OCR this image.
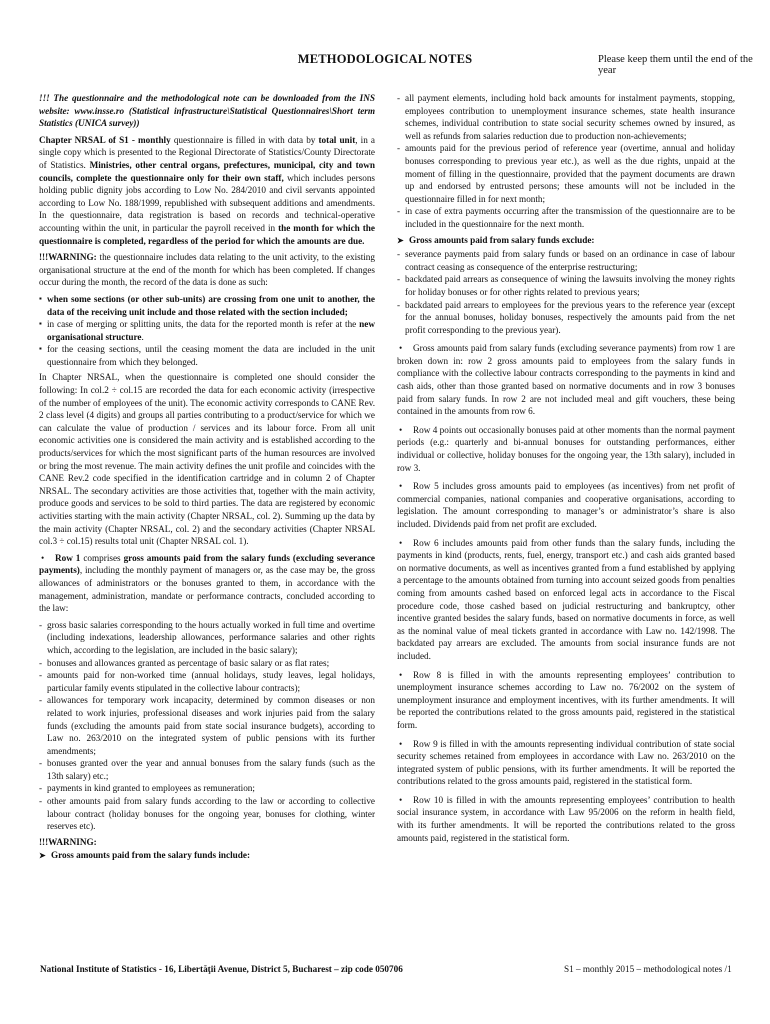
METHODOLOGICAL NOTES	Please keep them until the end of the year

!!! The questionnaire and the methodological note can be downloaded from the INS website: www.insse.ro (Statistical infrastructure\Statistical Questionnaires\Short term Statistics (UNICA survey))

Chapter NRSAL of S1 - monthly questionnaire is filled in with data by total unit, in a single copy which is presented to the Regional Directorate of Statistics/County Directorate of Statistics. Ministries, other central organs, prefectures, municipal, city and town councils, complete the questionnaire only for their own staff, which includes persons holding public dignity jobs according to Low No. 284/2010 and civil servants appointed according to Low No. 188/1999, republished with subsequent additions and amendments. In the questionnaire, data registration is based on records and technical-operative accounting within the unit, in particular the payroll received in the month for which the questionnaire is completed, regardless of the period for which the amounts are due.

!!!WARNING: the questionnaire includes data relating to the unit activity, to the existing organisational structure at the end of the month for which has been completed. If changes occur during the month, the record of the data is done as such:

▪ when some sections (or other sub-units) are crossing from one unit to another, the data of the receiving unit include and those related with the section included;
▪ in case of merging or splitting units, the data for the reported month is refer at the new organisational structure.
▪ for the ceasing sections, until the ceasing moment the data are included in the unit questionnaire from which they belonged.

In Chapter NRSAL, when the questionnaire is completed one should consider the following: In col.2 ÷ col.15 are recorded the data for each economic activity (irrespective of the number of employees of the unit). The economic activity corresponds to CANE Rev. 2 class level (4 digits) and groups all parties contributing to a product/service for which we can calculate the value of production / services and its labour force. From all unit economic activities one is considered the main activity and is established according to the products/services for which the most significant parts of the human resources are involved or bring the most revenue. The main activity defines the unit profile and coincides with the CANE Rev.2 code specified in the identification cartridge and in column 2 of Chapter NRSAL. The secondary activities are those activities that, together with the main activity, produce goods and services to be sold to third parties. The data are registered by economic activities starting with the main activity (Chapter NRSAL, col. 2). Summing up the data by the main activity (Chapter NRSAL, col. 2) and the secondary activities (Chapter NRSAL col.3 ÷ col.15) results total unit (Chapter NRSAL col. 1).

• Row 1 comprises gross amounts paid from the salary funds (excluding severance payments), including the monthly payment of managers or, as the case may be, the gross allowances of administrators or the bonuses granted to them, in accordance with the management, administration, mandate or performance contracts, concluded according to the law:

- gross basic salaries corresponding to the hours actually worked in full time and overtime (including indexations, leadership allowances, performance salaries and other rights which, according to the legislation, are included in the basic salary);
- bonuses and allowances granted as percentage of basic salary or as flat rates;
- amounts paid for non-worked time (annual holidays, study leaves, legal holidays, particular family events stipulated in the collective labour contracts);
- allowances for temporary work incapacity, determined by common diseases or non related to work injuries, professional diseases and work injuries paid from the salary funds (excluding the amounts paid from state social insurance budgets), according to Law no. 263/2010 on the integrated system of public pensions with its further amendments;
- bonuses granted over the year and annual bonuses from the salary funds (such as the 13th salary) etc.;
- payments in kind granted to employees as remuneration;
- other amounts paid from salary funds according to the law or according to collective labour contract (holiday bonuses for the ongoing year, bonuses for clothing, winter reserves etc).

!!!WARNING:

➤ Gross amounts paid from the salary funds include:

- all payment elements, including hold back amounts for instalment payments, stopping, employees contribution to unemployment insurance schemes, state health insurance schemes, individual contribution to state social security schemes owned by insured, as well as refunds from salaries reduction due to production non-achievements;
- amounts paid for the previous period of reference year (overtime, annual and holiday bonuses corresponding to previous year etc.), as well as the due rights, unpaid at the moment of filling in the questionnaire, provided that the payment documents are drawn up and endorsed by entrusted persons; these amounts will not be included in the questionnaire filled in for next month;
- in case of extra payments occurring after the transmission of the questionnaire are to be included in the questionnaire for the next month.

➤ Gross amounts paid from salary funds exclude:

- severance payments paid from salary funds or based on an ordinance in case of labour contract ceasing as consequence of the enterprise restructuring;
- backdated paid arrears as consequence of wining the lawsuits involving the money rights for holiday bonuses or for other rights related to previous years;
- backdated paid arrears to employees for the previous years to the reference year (except for the annual bonuses, holiday bonuses, respectively the amounts paid from the net profit corresponding to the previous year).

• Gross amounts paid from salary funds (excluding severance payments) from row 1 are broken down in: row 2 gross amounts paid to employees from the salary funds in compliance with the collective labour contracts corresponding to the payments in kind and cash aids, other than those granted based on normative documents and in row 3 bonuses paid from salary funds. In row 2 are not included meal and gift vouchers, these being contained in the amounts from row 6.

• Row 4 points out occasionally bonuses paid at other moments than the normal payment periods (e.g.: quarterly and bi-annual bonuses for outstanding performances, either individual or collective, holiday bonuses for the ongoing year, the 13th salary), included in row 3.

• Row 5 includes gross amounts paid to employees (as incentives) from net profit of commercial companies, national companies and cooperative organisations, according to legislation. The amount corresponding to manager’s or administrator’s share is also included. Dividends paid from net profit are excluded.

• Row 6 includes amounts paid from other funds than the salary funds, including the payments in kind (products, rents, fuel, energy, transport etc.) and cash aids granted based on normative documents, as well as incentives granted from a fund established by applying a percentage to the amounts obtained from turning into account seized goods from penalties coming from amounts cashed based on enforced legal acts in accordance to the Fiscal procedure code, those cashed based on judicial restructuring and bankruptcy, other incentive granted besides the salary funds, based on normative documents in force, as well as the nominal value of meal tickets granted in accordance with Law no. 142/1998. The backdated pay arrears are excluded. The amounts from social insurance funds are not included.

• Row 8 is filled in with the amounts representing employees’ contribution to unemployment insurance schemes according to Law no. 76/2002 on the system of unemployment insurance and employment incentives, with its further amendments. It will be reported the contributions related to the gross amounts paid, registered in the statistical form.

• Row 9 is filled in with the amounts representing individual contribution of state social security schemes retained from employees in accordance with Law no. 263/2010 on the integrated system of public pensions, with its further amendments. It will be reported the contributions related to the gross amounts paid, registered in the statistical form.

• Row 10 is filled in with the amounts representing employees’ contribution to health social insurance system, in accordance with Law 95/2006 on the reform in health field, with its further amendments. It will be reported the contributions related to the gross amounts paid, registered in the statistical form.

National Institute of Statistics - 16, Libertăţii Avenue, District 5, Bucharest – zip code 050706	S1 – monthly 2015 – methodological notes /1
